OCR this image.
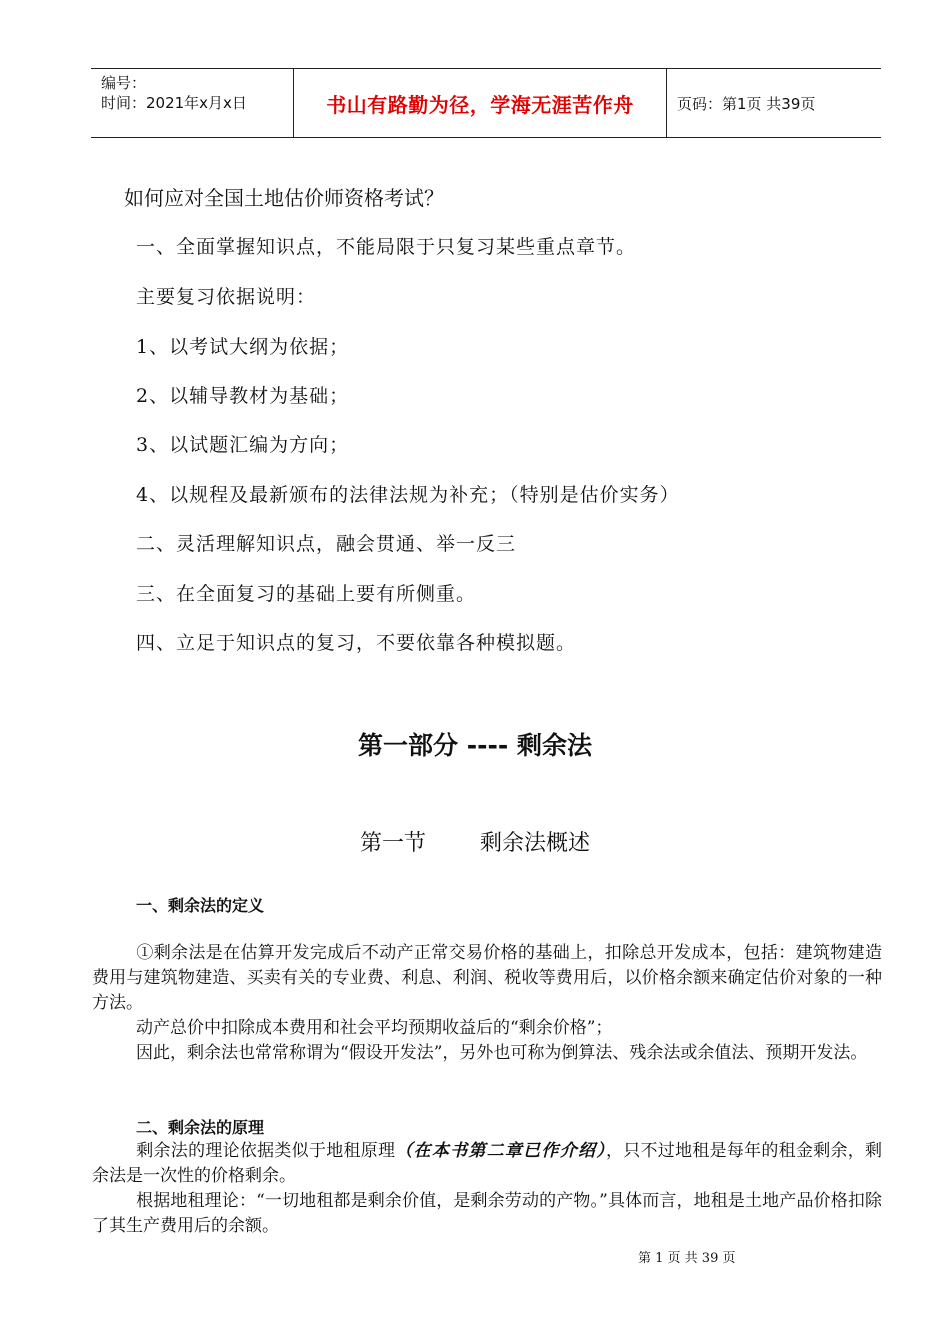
编号：
时间：2021年x月x日	书山有路勤为径，学海无涯苦作舟	页码：第1页 共39页
如何应对全国土地估价师资格考试？
一、全面掌握知识点，不能局限于只复习某些重点章节。
主要复习依据说明：
1、以考试大纲为依据；
2、以辅导教材为基础；
3、以试题汇编为方向；
4、以规程及最新颁布的法律法规为补充；（特别是估价实务）
二、灵活理解知识点，融会贯通、举一反三
三、在全面复习的基础上要有所侧重。
四、立足于知识点的复习，不要依靠各种模拟题。
第一部分 ---- 剩余法
第一节 剩余法概述
一、剩余法的定义
①剩余法是在估算开发完成后不动产正常交易价格的基础上，扣除总开发成本，包括：建筑物建造费用与建筑物建造、买卖有关的专业费、利息、利润、税收等费用后，以价格余额来确定估价对象的一种方法。
动产总价中扣除成本费用和社会平均预期收益后的“剩余价格”；
因此，剩余法也常常称谓为“假设开发法”，另外也可称为倒算法、残余法或余值法、预期开发法。
二、剩余法的原理
剩余法的理论依据类似于地租原理（在本书第二章已作介绍），只不过地租是每年的租金剩余，剩余法是一次性的价格剩余。
根据地租理论：“一切地租都是剩余价值，是剩余劳动的产物。”具体而言，地租是土地产品价格扣除了其生产费用后的余额。
第 1 页 共 39 页
